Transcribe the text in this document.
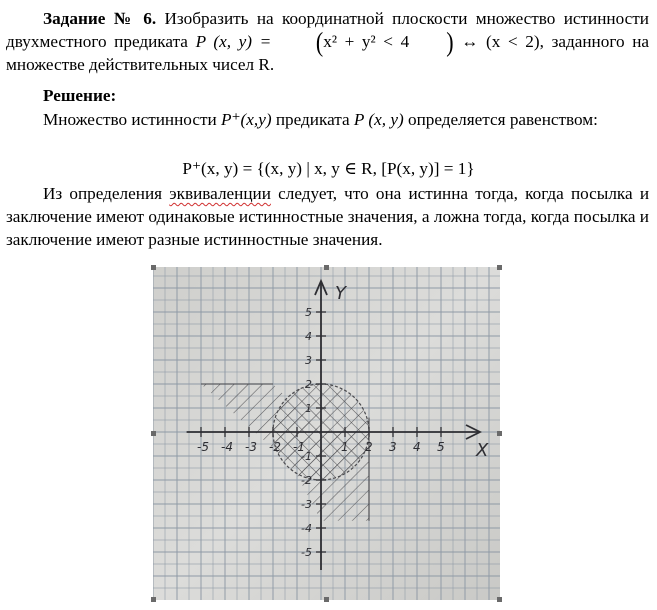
Задание № 6. Изобразить на координатной плоскости множество истинности двухместного предиката P (x, y) = (x² + y² < 4 ) ↔ (x < 2), заданного на множестве действительных чисел R.
Решение:
Множество истинности P⁺(x,y) предиката P (x, y) определяется равенством:
P⁺(x, y) = {(x, y) | x, y ∈ R, [P(x, y)] = 1}
Из определения эквиваленции следует, что она истинна тогда, когда посылка и заключение имеют одинаковые истинностные значения, а ложна тогда, когда посылка и заключение имеют разные истинностные значения.
-5 -4 -3 -2 -1	1 2 3 4 5
5
4
3
2
1
-1
-2
-3
-4
-5
X
Y
